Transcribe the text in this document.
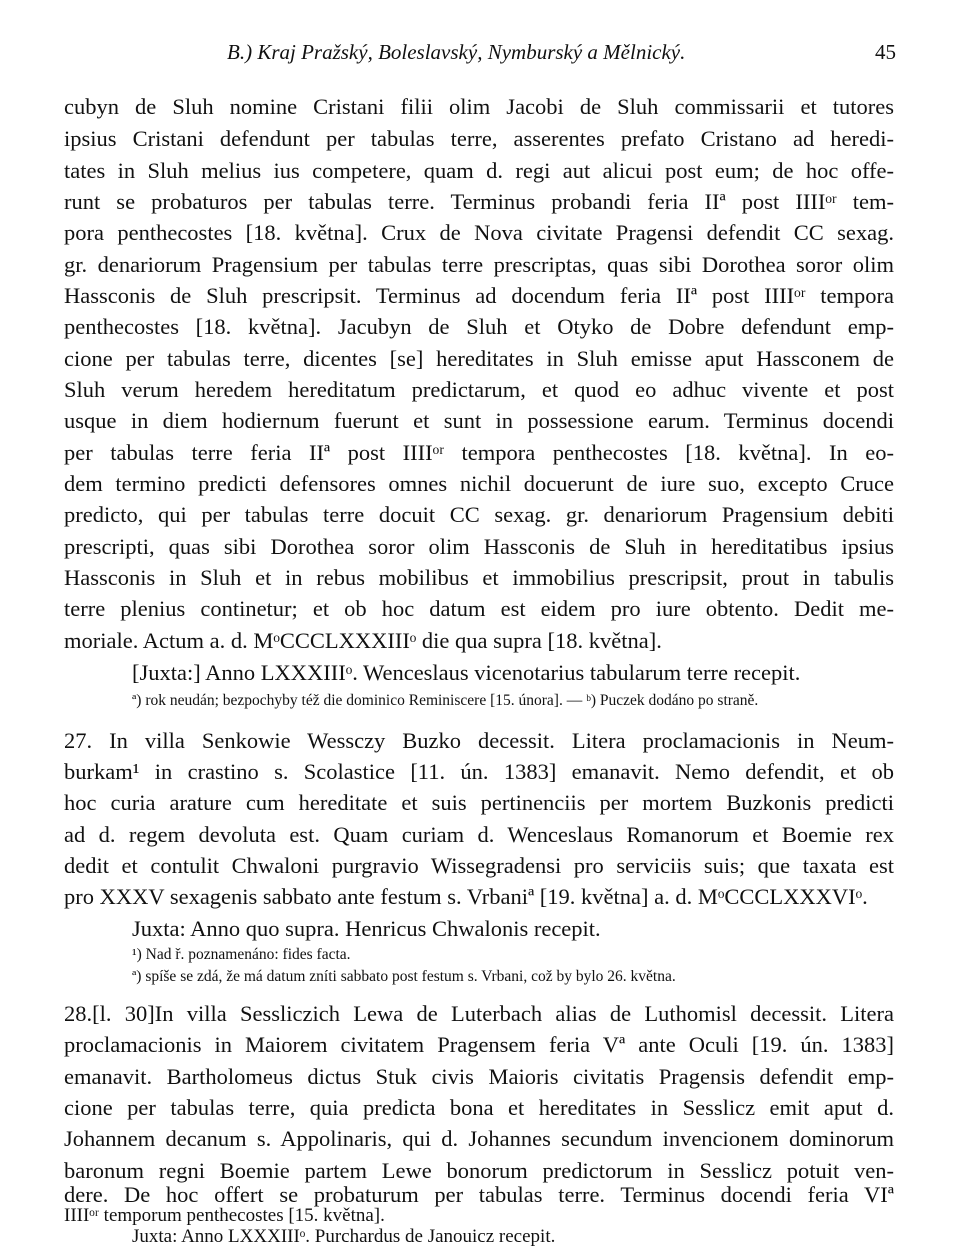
B.) Kraj Pražský, Boleslavský, Nymburský a Mělnický.	45
cubyn de Sluh nomine Cristani filii olim Jacobi de Sluh commissarii et tutores
ipsius Cristani defendunt per tabulas terre, asserentes prefato Cristano ad heredi-
tates in Sluh melius ius competere, quam d. regi aut alicui post eum; de hoc offe-
runt se probaturos per tabulas terre. Terminus probandi feria IIª post IIIIᵒʳ tem-
pora penthecostes [18. května]. Crux de Nova civitate Pragensi defendit CC sexag.
gr. denariorum Pragensium per tabulas terre prescriptas, quas sibi Dorothea soror olim
Hassconis de Sluh prescripsit. Terminus ad docendum feria IIª post IIIIᵒʳ tempora
penthecostes [18. května]. Jacubyn de Sluh et Otyko de Dobre defendunt emp-
cione per tabulas terre, dicentes [se] hereditates in Sluh emisse aput Hassconem de
Sluh verum heredem hereditatum predictarum, et quod eo adhuc vivente et post
usque in diem hodiernum fuerunt et sunt in possessione earum. Terminus docendi
per tabulas terre feria IIª post IIIIᵒʳ tempora penthecostes [18. května]. In eo-
dem termino predicti defensores omnes nichil docuerunt de iure suo, excepto Cruce
predicto, qui per tabulas terre docuit CC sexag. gr. denariorum Pragensium debiti
prescripti, quas sibi Dorothea soror olim Hassconis de Sluh in hereditatibus ipsius
Hassconis in Sluh et in rebus mobilibus et immobilius prescripsit, prout in tabulis
terre plenius continetur; et ob hoc datum est eidem pro iure obtento. Dedit me-
moriale. Actum a. d. MᵒCCCLXXXIIIᵒ die qua supra [18. května].
[Juxta:] Anno LXXXIIIᵒ. Wenceslaus vicenotarius tabularum terre recepit.
ª) rok neudán; bezpochyby též die dominico Reminiscere [15. února]. — ᵇ) Puczek dodáno po straně.
27. In villa Senkowie Wessczy Buzko decessit. Litera proclamacionis in Neum-
burkam¹ in crastino s. Scolastice [11. ún. 1383] emanavit. Nemo defendit, et ob
hoc curia arature cum hereditate et suis pertinenciis per mortem Buzkonis predicti
ad d. regem devoluta est. Quam curiam d. Wenceslaus Romanorum et Boemie rex
dedit et contulit Chwaloni purgravio Wissegradensi pro serviciis suis; que taxata est
pro XXXV sexagenis sabbato ante festum s. Vrbaniª [19. května] a. d. MᵒCCCLXXXVIᵒ.
Juxta: Anno quo supra. Henricus Chwalonis recepit.
¹) Nad ř. poznamenáno: fides facta.
ª) spíše se zdá, že má datum zníti sabbato post festum s. Vrbani, což by bylo 26. května.
28.[l. 30]In villa Sessliczich Lewa de Luterbach alias de Luthomisl decessit. Litera
proclamacionis in Maiorem civitatem Pragensem feria Vª ante Oculi [19. ún. 1383]
emanavit. Bartholomeus dictus Stuk civis Maioris civitatis Pragensis defendit emp-
cione per tabulas terre, quia predicta bona et hereditates in Sesslicz emit aput d.
Johannem decanum s. Appolinaris, qui d. Johannes secundum invencionem dominorum
baronum regni Boemie partem Lewe bonorum predictorum in Sesslicz potuit ven-
dere. De hoc offert se probaturum per tabulas terre. Terminus docendi feria VIª
IIIIᵒʳ temporum penthecostes [15. května].
Juxta: Anno LXXXIIIᵒ. Purchardus de Janouicz recepit.
